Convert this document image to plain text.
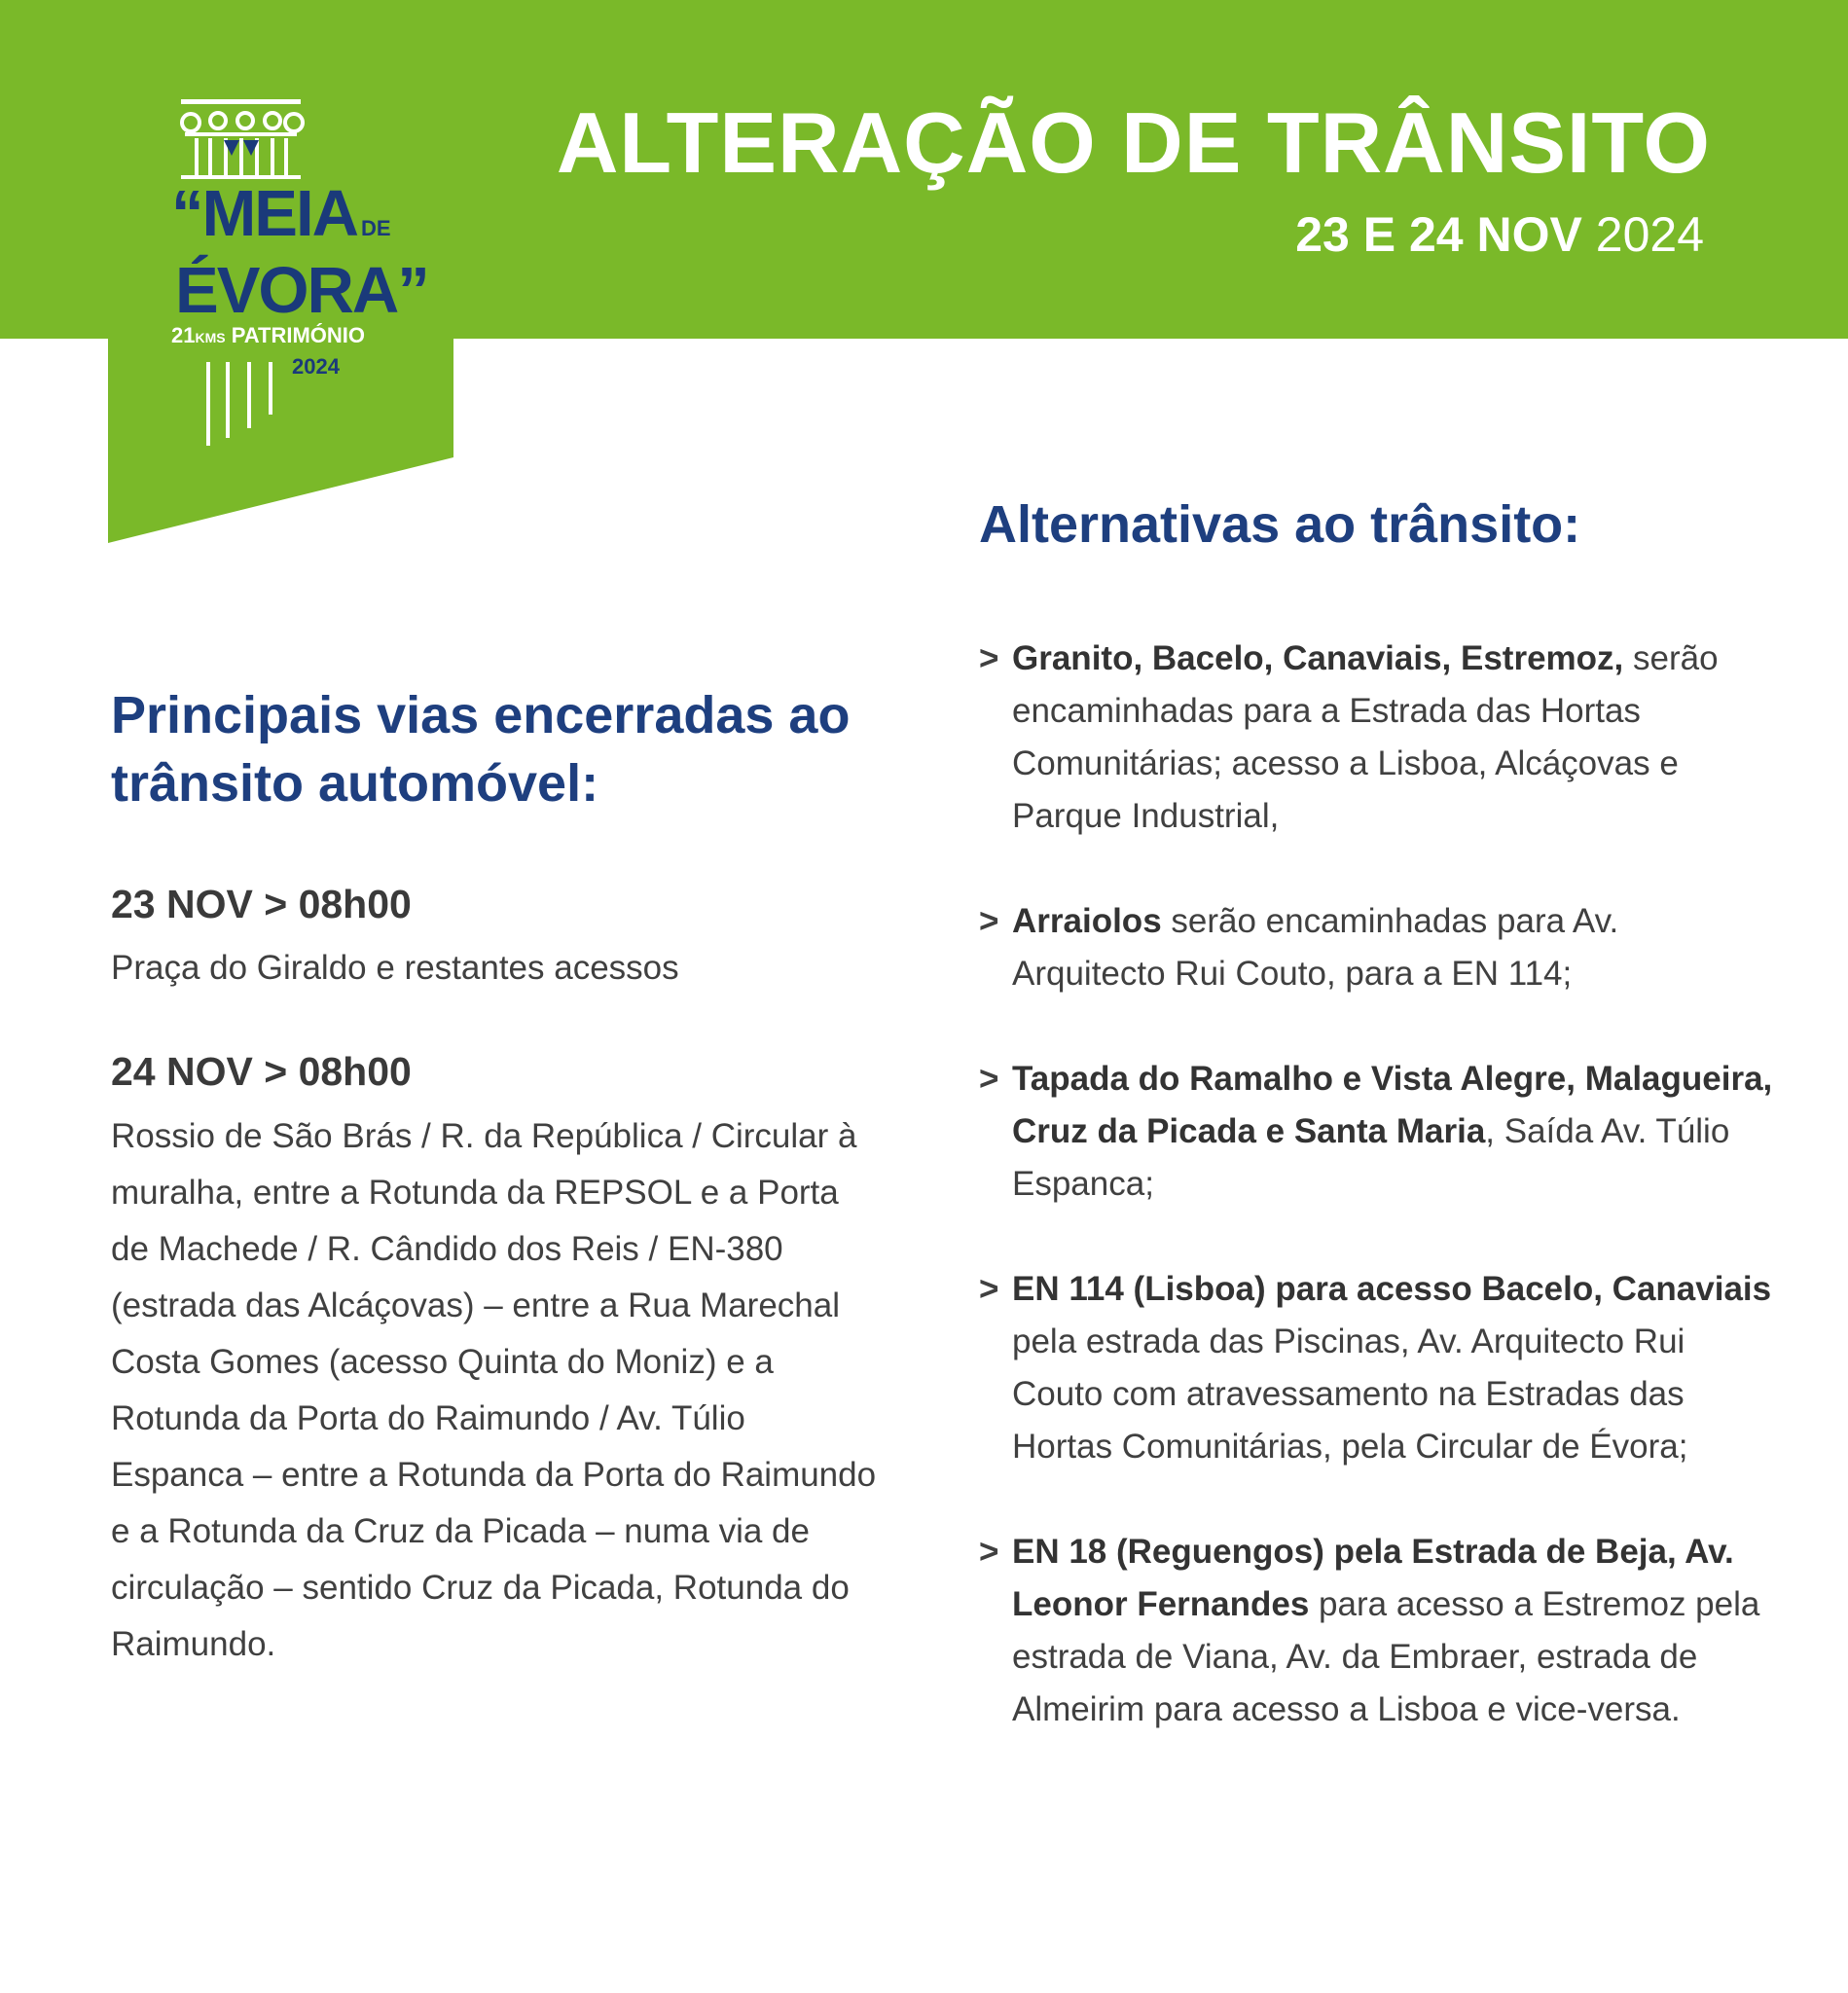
“MEIA DE
ÉVORA”
21KMS PATRIMÓNIO
2024
ALTERAÇÃO DE TRÂNSITO
23 E 24 NOV 2024
Principais vias encerradas ao trânsito automóvel:
23 NOV > 08h00
Praça do Giraldo e restantes acessos
24 NOV > 08h00
Rossio de São Brás / R. da República / Circular à muralha, entre a Rotunda da REPSOL e a Porta de Machede / R. Cândido dos Reis / EN-380 (estrada das Alcáçovas) – entre a Rua Marechal Costa Gomes (acesso Quinta do Moniz) e a Rotunda da Porta do Raimundo / Av. Túlio Espanca – entre a Rotunda da Porta do Raimundo e a Rotunda da Cruz da Picada – numa via de circulação – sentido Cruz da Picada, Rotunda do Raimundo.
Alternativas ao trânsito:
> Granito, Bacelo, Canaviais, Estremoz, serão encaminhadas para a Estrada das Hortas Comunitárias; acesso a Lisboa, Alcáçovas e Parque Industrial,
> Arraiolos serão encaminhadas para Av. Arquitecto Rui Couto, para a EN 114;
> Tapada do Ramalho e Vista Alegre, Malagueira, Cruz da Picada e Santa Maria, Saída Av. Túlio Espanca;
> EN 114 (Lisboa) para acesso Bacelo, Canaviais pela estrada das Piscinas, Av. Arquitecto Rui Couto com atravessamento na Estradas das Hortas Comunitárias, pela Circular de Évora;
> EN 18 (Reguengos) pela Estrada de Beja, Av. Leonor Fernandes para acesso a Estremoz pela estrada de Viana, Av. da Embraer, estrada de Almeirim para acesso a Lisboa e vice-versa.
